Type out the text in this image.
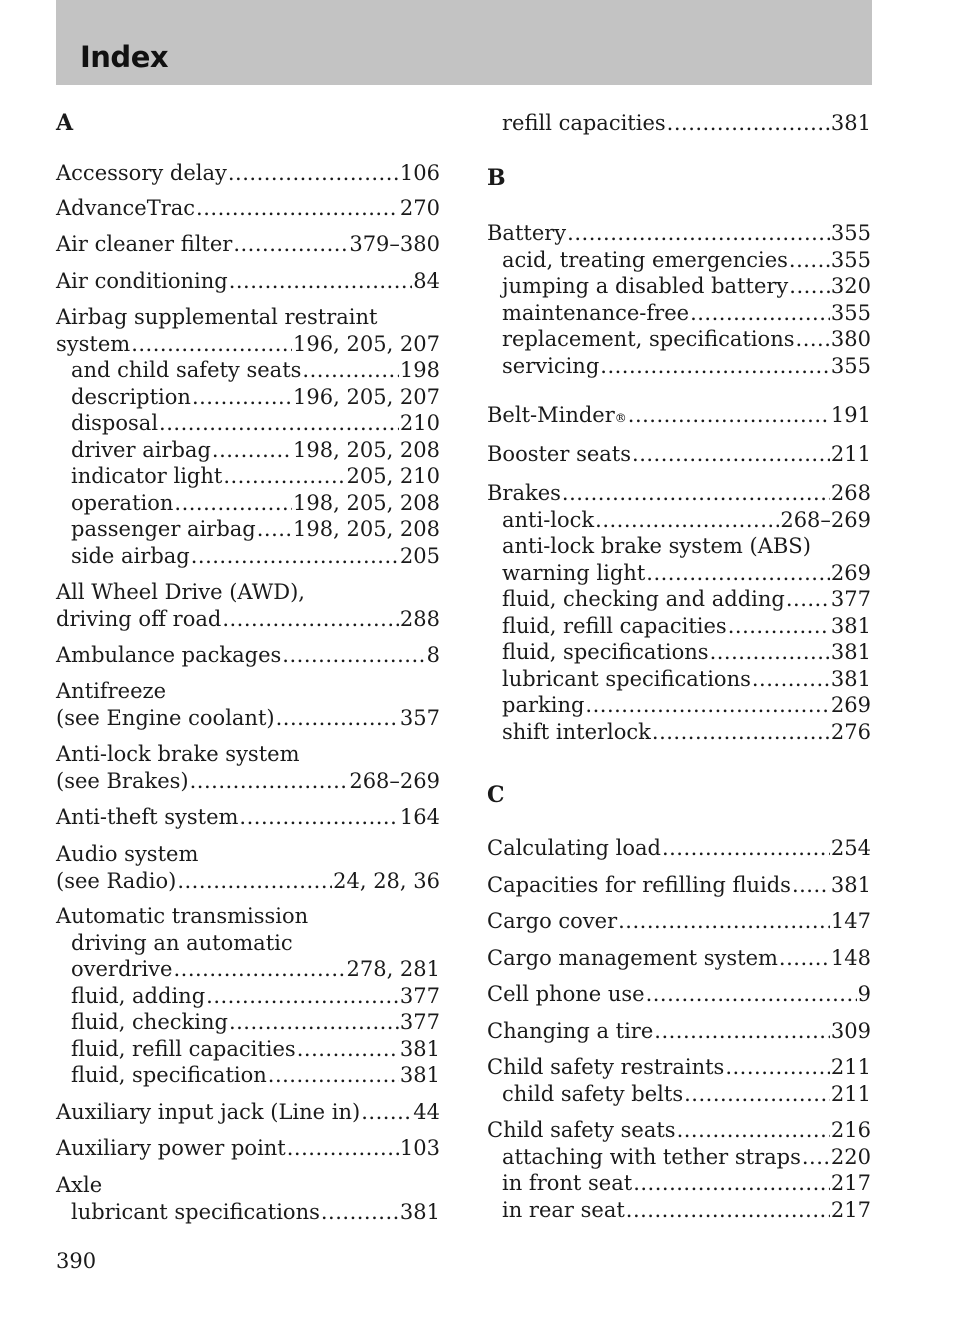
Index
A
Accessory delay .....	106
AdvanceTrac .....	270
Air cleaner filter .....	379–380
Air conditioning .....	84
Airbag supplemental restraint
system .....	196, 205, 207
and child safety seats .....	198
description .....	196, 205, 207
disposal .....	210
driver airbag .....	198, 205, 208
indicator light .....	205, 210
operation .....	198, 205, 208
passenger airbag ..... 198, 205, 208
side airbag .....	205
All Wheel Drive (AWD),
driving off road .....	288
Ambulance packages .....	8
Antifreeze
(see Engine coolant) .....	357
Anti-lock brake system
(see Brakes) .....	268–269
Anti-theft system .....	164
Audio system
(see Radio) .....	24, 28, 36
Automatic transmission
driving an automatic
overdrive .....	278, 281
fluid, adding .....	377
fluid, checking .....	377
fluid, refill capacities .....	381
fluid, specification .....	381
Auxiliary input jack (Line in) .....	44
Auxiliary power point .....	103
Axle
lubricant specifications .....	381
refill capacities .....	381
B
Battery .....	355
acid, treating emergencies ..... 355
jumping a disabled battery ..... 320
maintenance-free .....	355
replacement, specifications ..... 380
servicing .....	355
Belt-Minder ® .....	191
Booster seats .....	211
Brakes .....	268
anti-lock .....	268–269
anti-lock brake system (ABS)
warning light .....	269
fluid, checking and adding ..... 377
fluid, refill capacities .....	381
fluid, specifications .....	381
lubricant specifications .....	381
parking .....	269
shift interlock .....	276
C
Calculating load .....	254
Capacities for refilling fluids ..... 381
Cargo cover .....	147
Cargo management system .....	148
Cell phone use .....	9
Changing a tire .....	309
Child safety restraints .....	211
child safety belts .....	211
Child safety seats .....	216
attaching with tether straps ..... 220
in front seat .....	217
in rear seat .....	217
390
